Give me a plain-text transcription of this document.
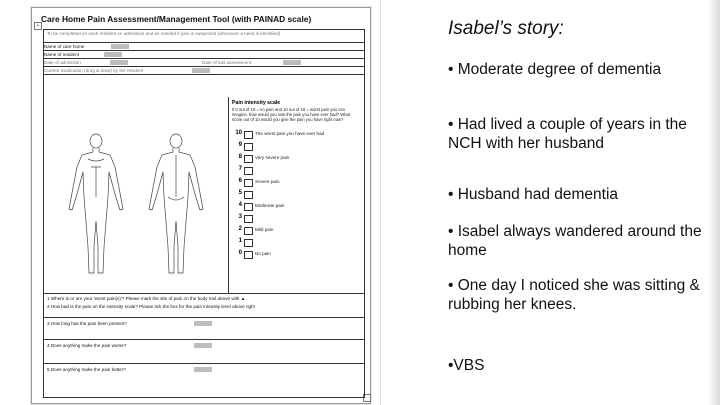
Care Home Pain Assessment/Management Tool (with PAINAD scale)
+
To be completed on each resident on admission and as needed if pain is suspected (whenever a need is identified)
Name of care home
Name of resident
Date of admission	Date of last assessment
Current medication (drug & dose) by the resident
Pain intensity scale
If 0 out of 10 = no pain and 10 out of 10 = worst pain you can imagine, how would you rate the pain you have ever had? What score out of 10 would you give the pain you have right now?
10	The worst pain you have ever had
9
8	Very severe pain
7
6	Severe pain
5
4	Moderate pain
3
2	Mild pain
1
0	No pain
1 Where is or are your 'worst pain(s)'? Please mark the site of pain on the body tool above with ▲
2 How bad is the pain on the intensity scale? Please tick the box for the pain intensity level above right
3 How long has the pain been present?
4 Does anything make the pain worse?
5 Does anything make the pain better?
Isabel’s story:
• Moderate degree of dementia
• Had lived a couple of years in the NCH with her husband
• Husband had dementia
• Isabel always wandered around the home
• One day I noticed she was sitting & rubbing her knees.
•VBS
